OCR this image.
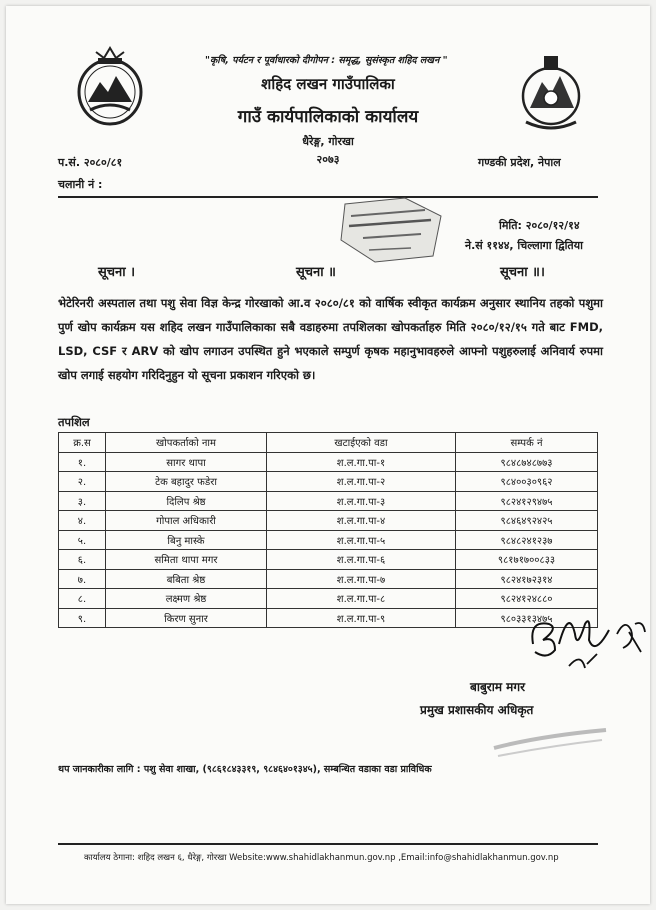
"कृषि, पर्यटन र पूर्वाधारको दीगोपन : समृद्ध, सुसंस्कृत शहिद लखन "
शहिद लखन गाउँपालिका
गाउँ कार्यपालिकाको कार्यालय
धैरेङ्ग, गोरखा
२०७३
प.सं. २०८०/८१
चलानी नं :
गण्डकी प्रदेश, नेपाल
मिति: २०८०/१२/१४
ने.सं ११४४, चिल्लागा द्वितिया
सूचना ।	सूचना ॥	सूचना ॥।
भेटेरिनरी अस्पताल तथा पशु सेवा विज्ञ केन्द्र गोरखाको आ.व २०८०/८१ को वार्षिक स्वीकृत कार्यक्रम अनुसार स्थानिय तहको पशुमा पुर्ण खोप कार्यक्रम यस शहिद लखन गाउँपालिकाका सबै वडाहरुमा तपशिलका खोपकर्ताहरु मिति २०८०/१२/१५ गते बाट FMD, LSD, CSF र ARV को खोप लगाउन उपस्थित हुने भएकाले सम्पुर्ण कृषक महानुभावहरुले आफ्नो पशुहरुलाई अनिवार्य रुपमा खोप लगाई सहयोग गरिदिनुहुन यो सूचना प्रकाशन गरिएको छ।
तपशिल
क्र.स	खोपकर्ताको नाम	खटाईएको वडा	सम्पर्क नं
१.	सागर थापा	श.ल.गा.पा-१	९८४८७४८७७३
२.	टेक बहादुर फडेरा	श.ल.गा.पा-२	९८४००३०९६२
३.	दिलिप श्रेष्ठ	श.ल.गा.पा-३	९८२४१२९४७५
४.	गोपाल अधिकारी	श.ल.गा.पा-४	९८४६४९२४२५
५.	बिनु मास्के	श.ल.गा.पा-५	९८४८२४१२३७
६.	समिता थापा मगर	श.ल.गा.पा-६	९८१७१७००८३३
७.	बबिता श्रेष्ठ	श.ल.गा.पा-७	९८२४१७२३१४
८.	लक्ष्मण श्रेष्ठ	श.ल.गा.पा-८	९८२४१२४८८०
९.	किरण सुनार	श.ल.गा.पा-९	९८०३३१३४७५
बाबुराम मगर
प्रमुख प्रशासकीय अधिकृत
थप जानकारीका लागि : पशु सेवा शाखा, (९८६१८४३३१९, ९८४६४०१३४५), सम्बन्धित वडाका वडा प्राविधिक
कार्यालय ठेगाना: शहिद लखन ६, धैरेङ्ग, गोरखा Website:www.shahidlakhanmun.gov.np ,Email:info@shahidlakhanmun.gov.np
